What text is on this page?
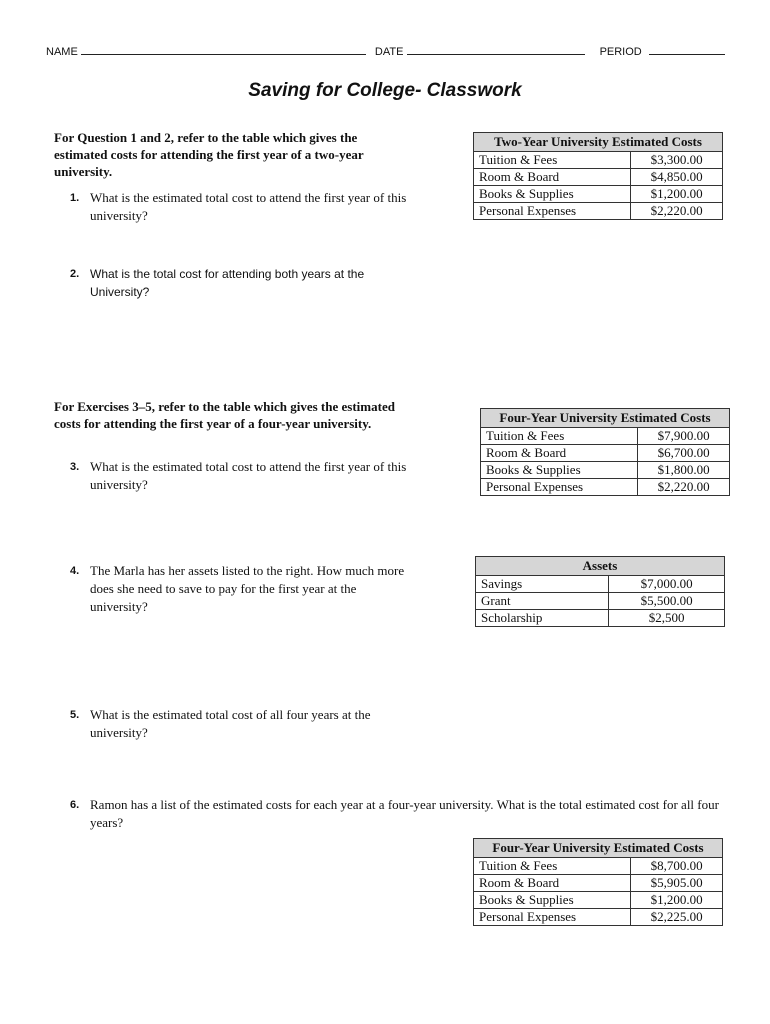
NAME	DATE	PERIOD
Saving for College- Classwork
For Question 1 and 2, refer to the table which gives the estimated costs for attending the first year of a two-year university.
1. What is the estimated total cost to attend the first year of this university?
2. What is the total cost for attending both years at the University?
Two-Year University Estimated Costs	
Tuition & Fees	$3,300.00
Room & Board	$4,850.00
Books & Supplies	$1,200.00
Personal Expenses	$2,220.00
For Exercises 3–5, refer to the table which gives the estimated costs for attending the first year of a four-year university.
3. What is the estimated total cost to attend the first year of this university?
Four-Year University Estimated Costs	
Tuition & Fees	$7,900.00
Room & Board	$6,700.00
Books & Supplies	$1,800.00
Personal Expenses	$2,220.00
4. The Marla has her assets listed to the right. How much more does she need to save to pay for the first year at the university?
Assets	
Savings	$7,000.00
Grant	$5,500.00
Scholarship	$2,500
5. What is the estimated total cost of all four years at the university?
6. Ramon has a list of the estimated costs for each year at a four-year university. What is the total estimated cost for all four years?
Four-Year University Estimated Costs	
Tuition & Fees	$8,700.00
Room & Board	$5,905.00
Books & Supplies	$1,200.00
Personal Expenses	$2,225.00
